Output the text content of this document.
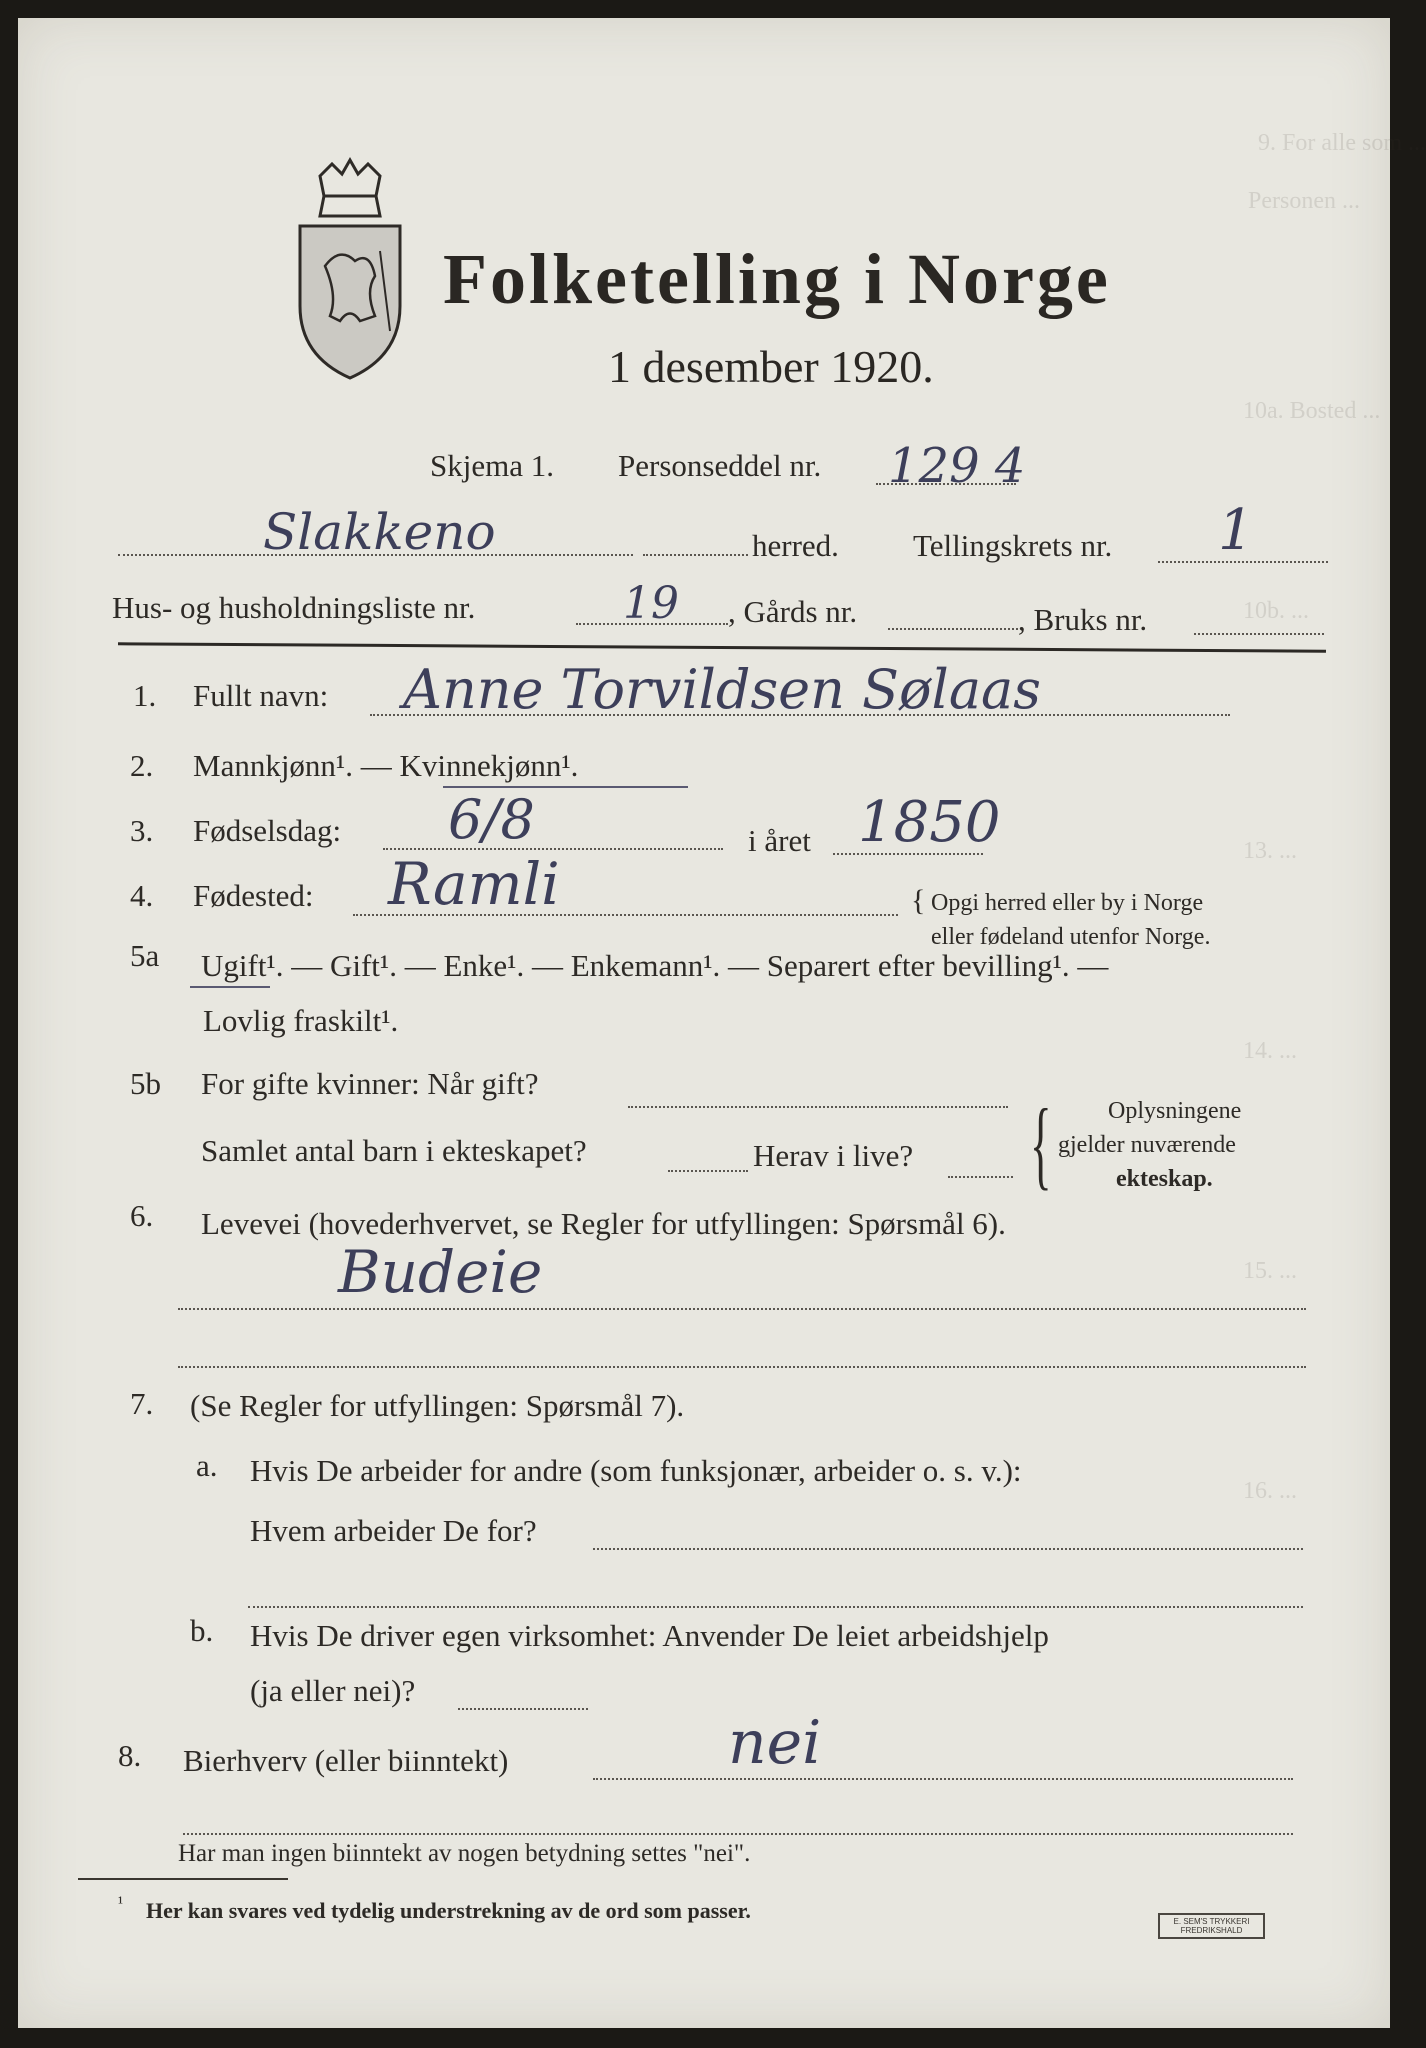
9. For alle som ...
Personen ...
10a. Bosted ...
10b. ...
13. ...
14. ...
15. ...
16. ...
Folketelling i Norge
1 desember 1920.
Skjema 1. Personseddel nr. 129 4
Slakkeno	herred. Tellingskrets nr. 1
Hus- og husholdningsliste nr.	19 , Gårds nr.	, Bruks nr.
1. Fullt navn: Anne Torvildsen Sølaas
2. Mannkjønn¹. — Kvinnekjønn¹.
3. Fødselsdag: 6/8	i året 1850
4. Fødested: Ramli	{ Opgi herred eller by i Norge
eller fødeland utenfor Norge.
5a Ugift¹. — Gift¹. — Enke¹. — Enkemann¹. — Separert efter bevilling¹. —
Lovlig fraskilt¹.
5b For gifte kvinner: Når gift?
Samlet antal barn i ekteskapet?	Herav i live? { Oplysningene
gjelder nuværende
ekteskap.
6. Levevei (hovederhvervet, se Regler for utfyllingen: Spørsmål 6).
Budeie
7. (Se Regler for utfyllingen: Spørsmål 7).
a. Hvis De arbeider for andre (som funksjonær, arbeider o. s. v.):
Hvem arbeider De for?
b. Hvis De driver egen virksomhet: Anvender De leiet arbeidshjelp
(ja eller nei)?
8. Bierhverv (eller biinntekt)	nei
Har man ingen biinntekt av nogen betydning settes "nei".
¹ Her kan svares ved tydelig understrekning av de ord som passer.	E. SEM'S TRYKKERI
FREDRIKSHALD
